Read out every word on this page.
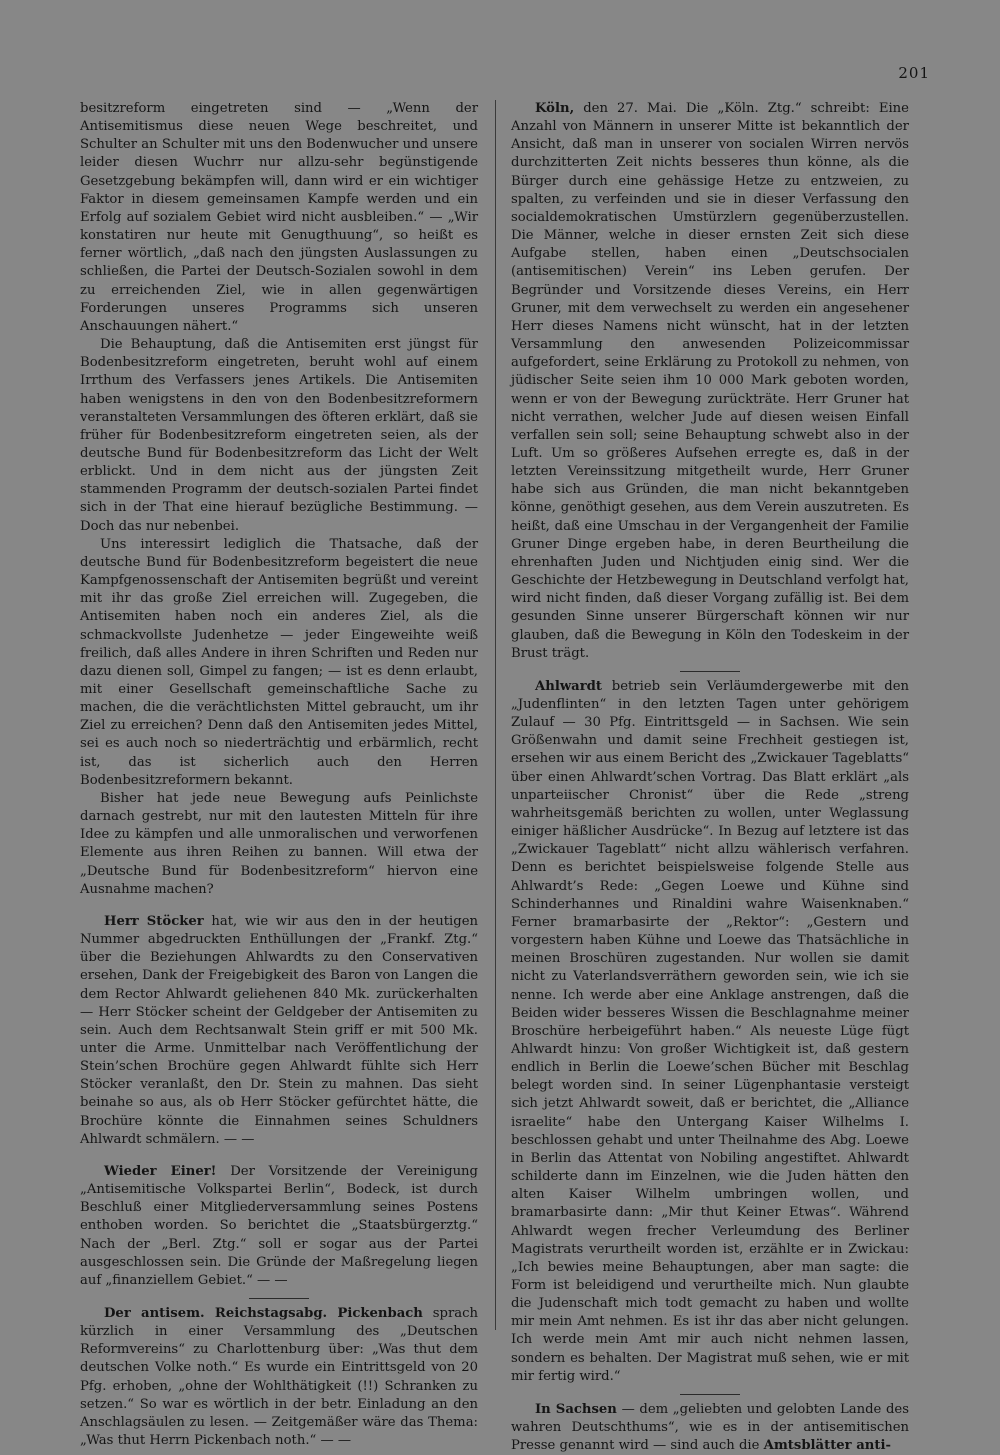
201

besitzreform eingetreten sind — „Wenn der Antisemitismus diese neuen Wege beschreitet, und Schulter an Schulter mit uns den Bodenwucher und unsere leider diesen Wuchrr nur allzu-sehr begünstigende Gesetzgebung bekämpfen will, dann wird er ein wichtiger Faktor in diesem gemeinsamen Kampfe werden und ein Erfolg auf sozialem Gebiet wird nicht ausbleiben.“ — „Wir konstatiren nur heute mit Genugthuung“, so heißt es ferner wörtlich, „daß nach den jüngsten Auslassungen zu schließen, die Partei der Deutsch-Sozialen sowohl in dem zu erreichenden Ziel, wie in allen gegenwärtigen Forderungen unseres Programms sich unseren Anschauungen nähert.“

Die Behauptung, daß die Antisemiten erst jüngst für Bodenbesitzreform eingetreten, beruht wohl auf einem Irrthum des Verfassers jenes Artikels. Die Antisemiten haben wenigstens in den von den Bodenbesitzreformern veranstalteten Versammlungen des öfteren erklärt, daß sie früher für Bodenbesitzreform eingetreten seien, als der deutsche Bund für Bodenbesitzreform das Licht der Welt erblickt. Und in dem nicht aus der jüngsten Zeit stammenden Programm der deutsch-sozialen Partei findet sich in der That eine hierauf bezügliche Bestimmung. — Doch das nur nebenbei.

Uns interessirt lediglich die Thatsache, daß der deutsche Bund für Bodenbesitzreform begeistert die neue Kampfgenossenschaft der Antisemiten begrüßt und vereint mit ihr das große Ziel erreichen will. Zugegeben, die Antisemiten haben noch ein anderes Ziel, als die schmackvollste Judenhetze — jeder Eingeweihte weiß freilich, daß alles Andere in ihren Schriften und Reden nur dazu dienen soll, Gimpel zu fangen; — ist es denn erlaubt, mit einer Gesellschaft gemeinschaftliche Sache zu machen, die die verächtlichsten Mittel gebraucht, um ihr Ziel zu erreichen? Denn daß den Antisemiten jedes Mittel, sei es auch noch so niederträchtig und erbärmlich, recht ist, das ist sicherlich auch den Herren Bodenbesitzreformern bekannt.

Bisher hat jede neue Bewegung aufs Peinlichste darnach gestrebt, nur mit den lautesten Mitteln für ihre Idee zu kämpfen und alle unmoralischen und verworfenen Elemente aus ihren Reihen zu bannen. Will etwa der „Deutsche Bund für Bodenbesitzreform“ hiervon eine Ausnahme machen?

Herr Stöcker hat, wie wir aus den in der heutigen Nummer abgedruckten Enthüllungen der „Frankf. Ztg.“ über die Beziehungen Ahlwardts zu den Conservativen ersehen, Dank der Freigebigkeit des Baron von Langen die dem Rector Ahlwardt geliehenen 840 Mk. zurückerhalten — Herr Stöcker scheint der Geldgeber der Antisemiten zu sein. Auch dem Rechtsanwalt Stein griff er mit 500 Mk. unter die Arme. Unmittelbar nach Veröffentlichung der Stein’schen Brochüre gegen Ahlwardt fühlte sich Herr Stöcker veranlaßt, den Dr. Stein zu mahnen. Das sieht beinahe so aus, als ob Herr Stöcker gefürchtet hätte, die Brochüre könnte die Einnahmen seines Schuldners Ahlwardt schmälern. — —

Wieder Einer! Der Vorsitzende der Vereinigung „Antisemitische Volkspartei Berlin“, Bodeck, ist durch Beschluß einer Mitgliederversammlung seines Postens enthoben worden. So berichtet die „Staatsbürgerztg.“ Nach der „Berl. Ztg.“ soll er sogar aus der Partei ausgeschlossen sein. Die Gründe der Maßregelung liegen auf „finanziellem Gebiet.“ — —

Der antisem. Reichstagsabg. Pickenbach sprach kürzlich in einer Versammlung des „Deutschen Reformvereins“ zu Charlottenburg über: „Was thut dem deutschen Volke noth.“ Es wurde ein Eintrittsgeld von 20 Pfg. erhoben, „ohne der Wohlthätigkeit (!!) Schranken zu setzen.“ So war es wörtlich in der betr. Einladung an den Anschlagsäulen zu lesen. — Zeitgemäßer wäre das Thema: „Was thut Herrn Pickenbach noth.“ — —

Köln, den 27. Mai. Die „Köln. Ztg.“ schreibt: Eine Anzahl von Männern in unserer Mitte ist bekanntlich der Ansicht, daß man in unserer von socialen Wirren nervös durchzitterten Zeit nichts besseres thun könne, als die Bürger durch eine gehässige Hetze zu entzweien, zu spalten, zu verfeinden und sie in dieser Verfassung den socialdemokratischen Umstürzlern gegenüberzustellen. Die Männer, welche in dieser ernsten Zeit sich diese Aufgabe stellen, haben einen „Deutschsocialen (antisemitischen) Verein“ ins Leben gerufen. Der Begründer und Vorsitzende dieses Vereins, ein Herr Gruner, mit dem verwechselt zu werden ein angesehener Herr dieses Namens nicht wünscht, hat in der letzten Versammlung den anwesenden Polizeicommissar aufgefordert, seine Erklärung zu Protokoll zu nehmen, von jüdischer Seite seien ihm 10 000 Mark geboten worden, wenn er von der Bewegung zurückträte. Herr Gruner hat nicht verrathen, welcher Jude auf diesen weisen Einfall verfallen sein soll; seine Behauptung schwebt also in der Luft. Um so größeres Aufsehen erregte es, daß in der letzten Vereinssitzung mitgetheilt wurde, Herr Gruner habe sich aus Gründen, die man nicht bekanntgeben könne, genöthigt gesehen, aus dem Verein auszutreten. Es heißt, daß eine Umschau in der Vergangenheit der Familie Gruner Dinge ergeben habe, in deren Beurtheilung die ehrenhaften Juden und Nichtjuden einig sind. Wer die Geschichte der Hetzbewegung in Deutschland verfolgt hat, wird nicht finden, daß dieser Vorgang zufällig ist. Bei dem gesunden Sinne unserer Bürgerschaft können wir nur glauben, daß die Bewegung in Köln den Todeskeim in der Brust trägt.

Ahlwardt betrieb sein Verläumdergewerbe mit den „Judenflinten“ in den letzten Tagen unter gehörigem Zulauf — 30 Pfg. Eintrittsgeld — in Sachsen. Wie sein Größenwahn und damit seine Frechheit gestiegen ist, ersehen wir aus einem Bericht des „Zwickauer Tageblatts“ über einen Ahlwardt’schen Vortrag. Das Blatt erklärt „als unparteiischer Chronist“ über die Rede „streng wahrheitsgemäß berichten zu wollen, unter Weglassung einiger häßlicher Ausdrücke“. In Bezug auf letztere ist das „Zwickauer Tageblatt“ nicht allzu wählerisch verfahren. Denn es berichtet beispielsweise folgende Stelle aus Ahlwardt’s Rede: „Gegen Loewe und Kühne sind Schinderhannes und Rinaldini wahre Waisenknaben.“ Ferner bramarbasirte der „Rektor“: „Gestern und vorgestern haben Kühne und Loewe das Thatsächliche in meinen Broschüren zugestanden. Nur wollen sie damit nicht zu Vaterlandsverräthern geworden sein, wie ich sie nenne. Ich werde aber eine Anklage anstrengen, daß die Beiden wider besseres Wissen die Beschlagnahme meiner Broschüre herbeigeführt haben.“ Als neueste Lüge fügt Ahlwardt hinzu: Von großer Wichtigkeit ist, daß gestern endlich in Berlin die Loewe’schen Bücher mit Beschlag belegt worden sind. In seiner Lügenphantasie versteigt sich jetzt Ahlwardt soweit, daß er berichtet, die „Alliance israelite“ habe den Untergang Kaiser Wilhelms I. beschlossen gehabt und unter Theilnahme des Abg. Loewe in Berlin das Attentat von Nobiling angestiftet. Ahlwardt schilderte dann im Einzelnen, wie die Juden hätten den alten Kaiser Wilhelm umbringen wollen, und bramarbasirte dann: „Mir thut Keiner Etwas“. Während Ahlwardt wegen frecher Verleumdung des Berliner Magistrats verurtheilt worden ist, erzählte er in Zwickau: „Ich bewies meine Behauptungen, aber man sagte: die Form ist beleidigend und verurtheilte mich. Nun glaubte die Judenschaft mich todt gemacht zu haben und wollte mir mein Amt nehmen. Es ist ihr das aber nicht gelungen. Ich werde mein Amt mir auch nicht nehmen lassen, sondern es behalten. Der Magistrat muß sehen, wie er mit mir fertig wird.“

In Sachsen — dem „geliebten und gelobten Lande des wahren Deutschthums“, wie es in der antisemitischen Presse genannt wird — sind auch die Amtsblätter anti-
